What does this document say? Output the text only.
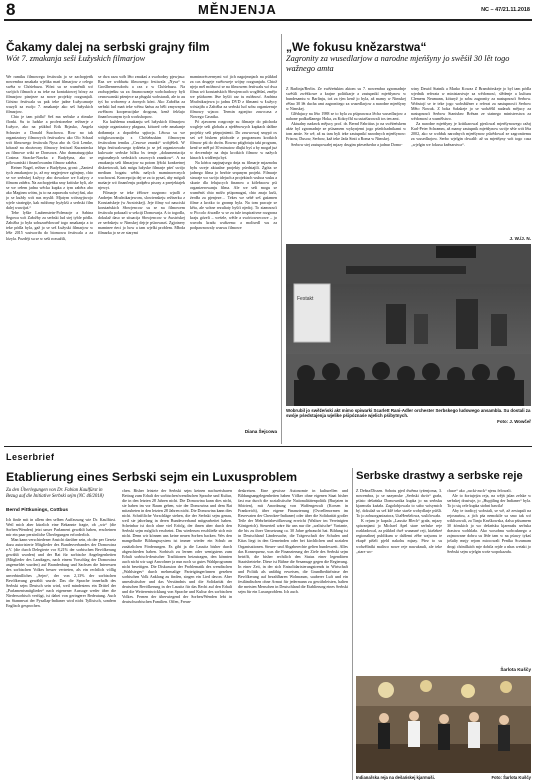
8	MĚNJENJA	NC – 47/21.11.2018
Čakamy dalej na serbski grajny film
Wót 7. zmakanja seši Łužyskich filmarjow

We rumiku filmowego festiwala jo se zachopjeńk nowembra zmakała wjelika mań filmarjow z celego swěta w Chóśebuzu. Wóni su se wuměnili wó swójich filmach a su teke na kontaktowej bórzy za filmarjow pisnjeze za nowe projekty rozgranjali. Góstno festiwala su pak teke jadne Łužycanarje wuzyli za swójo 7. zmakanje ako seš łužyskich filmarjow.

Chto je tam pódla? Seš ma serbske a ńimske člonki. Su to ludske a profesionelne režiserje z Łužyce, ako na pśikład Erik Brjasko, Angela Schuster a Donald Šuschowa. Row no tak organizatory filmowych festiwalow ako Olo Schaal wót filmowego festiwala Nysa abo dr. Grit Lemke, kótaraž na zbożowny filmowy festiwal Kurantecka za filmowe wiki ze Donsowa. Abo dramaturgojska Cosima Stracke-Nawka z Budyšyna, ako se pólowaniski i finančowaním filmow zaběra.

Reiner Nagel, režiser z Budyšyna, groni: „Zaniesł tych zmakanjow jo, až my negjerjewe zgónjmy, chto se we serbskej Łužycy abo dowokoe we Łužycy z filmom zaběra. Na zachopjeńku smy kritiske byli, ale se we cełem jadna wěcka kupka z tym zaběra abo ako Maginm wótm, ju to na zaprawdu wósej ňaś, ako jo se kuždy wót nas myslił. Mjatym wótsnyjtwojo wjele strategije, kak môžomy hyźykši a serbski film dalej wuwijaś.“

Tebe lyške Laubenstein-Polenzoje a Sabina Šegowa wót Załožby za serbski lud stej tyble pódla. Załožba jo była sobuzarědowarř togo zmakanja a to teke pódla byla, gaž jo se seš Łužyski filmarjow w léše 2015 wutworiła do biomowu festiwala a za lózyla. Pozdéji su se w seši rozsužili,

se dwa raza wób lěto zmakaś a swobodny pjewjasǝ: Raz we wobhuśu filmowego festiwala „Nysa“ w Groślhennersdorfu a raz z w Chóśebuzu. Na zachopjeńku su za financowanje wobchadowy byli cesnowanski pśenjece za pługski wobstarali, ale to au tyś bo wobcemy a źornych kónt. Ako Załožba za serbski lud mań teke wětsu šańsu za běli zmywnym zwělzom kooperacijske drogona, kenž fekšujo finančowanym tych workshopow.

Ku kuždemu zmakanju seš lužyskich filmarjow stajnje organizatory płaguna, kótarež cełe zmakanje dotłamnja a dopotřeba spjtorja. Lětosa su we wótglosowaniju z Chóśebuskim filmowym festiwalom temiku „Cesowe znanki“ wobjěšeli. W běgu festiwalowego tydźeńa jo se ješ organizowało kulowate serbske hilku bs temje „dokumentacija regionałnych serbskich casowych znankow“. A na zmakanju seši filmarjow su potom lýšcki konkretnej diskretowali, kak mógu lužyske filmarje pśeť swójo medium bogatu wědu našych maminorecnych wuchowaś. Koncepcija dej se za to pysaś, aby mógali maśarje wó finančenju podpěru pisosy a prrejektajek njewyt.

Filmarje se teke źělowe rozgrono wjadli z Andrejm Mračnikarjewom, slowienskeju režiserku z Korutańskeje (w Awstriskej). Jeje filmy wó nauciski korutańskich Słowjencow su se na filmowem festiwalu pokazali w sekciji Domownja. A to togodla, dokulaž daso se situacija Słowjencow w Awstriskej ze serbskeju w Nimskej dejrje pśirownaś. Zgjotnery maminee ńeci jo how a tam wjelki problem. Młoda filmarka jo se ze starymi

maminoréczernymi wó jich nagojmnjach na pśikład za cas drugeje swětoweje wójny rozgranjała. Chtož njejo mél móžnosć se na filmowem festiwalu wó dwa filma wó korutańskich Słowjencach woglědaś, změjo we pśiducem lěse hyšći raz tu móžnosć. Andrina Mračnikarjewa jo jadnu DVD z filmami w Łužycy wóstajiła a Załožba za serbski lud sobu organizeruje filmowy wjacor. Termin zgonjiso zawccasa z Nowego Casnika.

Pó zjawnem rozgronje su filmarje do pśichoda wogleje seši globalu a nježěnowych kapkach dalšne projekty seši pśepojnienti. Do zawwowaj smypó os seś wě biskem pśichode z programom krotkich filmow pśi do dwón. Rowno pśigłotuju taki program, kenž se měł pó 30 minutow dlujki byś a by mogał już w decembrje na dnju krotkich filmow w nažych kinach k widženju byś.

Na kóńcu napjnajsego dnja su filmarje mjaznohu byłu sweje aktualne projekty pśedstajili. Zgóta se jadnego filma jo bezbie sequnym projekt. Filmarje stawaje wo swójo idejach a projektach wuhoa wuku a skurie dla felujucych finanow a kólebacow pśi organizerowanju filma. Ale we seši mogu se wuměniś chto móžo pśipomagaś, chto znajo kuši, źerdła za pjenjeze… Tekes we sebě seš gaśamen filme a krotko to gronnp byla. Na tom pracuje se kěta, ale wótne rezultaty hyšći njedoj. To ziamnosći w Piccolo źiwadle w se za tule inspirativne rozgrona kraju gózeli – weśele, wětle a swórtowsecowe – jo wuvołu kradu wuřizenu: a molisedl wu za podpawnowaly wuswu filmowe

Diana Šejcowa
„We fokusu knězarstwa“
Zagronity za wusedlarjow a narodne mjeńšyny jo swěśił 30 lět togo wažnego amta

Z Barlinja/Berlin. Ze swěźeńskim aktom su 7. nowembra zgromadnje swěśili zwěźkowe a krajne politikarje a zastupnikí mjeńšynow w bundesamtu w Barlinju, toś za tým kenž jo byla, až mamy w Nimskej rěšno 30 lět ducha amt zagronitego za wusedlarjow a narodne mjeńšyny w Nimskej.

Glědajucy na lěto 1988 se to byla za pśiprawaca lěcba wusedlarjow a nahone podkušlanego Hoka, za Kokryčhl su ustatšarowali tos ten amt.

Aktualny nadawk mějucy prof. dr. Bernd Fabritius jo na swěźeńskem akśe byl zgromadnje ze pśisamem wykynjemi jogo pśedchadnikami w tom amśe. Se wě, až su tam byli teke zastupnikí narodnych mjeńšynow: Frizow, Dusow, Serbow, kaž teke Jada Sinti a Roma w Nimskej.

Serbow stej zastupowałej mjazy drugim pśesedsedar a jadnar Domo-

winy Dawid Statnik a Marko Kowaz Z Brambórskeje jo byl tam pódla wjednik referata w ministarstwje za wědomosć, slědenje a kulturu Clemens Neumann, kótaryž jo sobu zagronity za nastupnosći Serbow. Wobstojí se te teke jogo wobsłúžner z referat za nastupnosći Serbow Měto Nowak. Z boka Sakskeje jo se wobźělil nadawk mějucy za nastupnosći Serbow Stanisław Brězan ze statnego ministerstwa za wědomosć a wumělstwo.

Za narodne mjeńšyny je kritikarowal pjeslowal mjeńšynowego ražaj Karl-Peter Schramm, až mamy zastupnik mjeńšynow swóje sěśe wót lěta 2002, ako se wobłuk narodnych mjeńšynow pśirědowal ze zagronitemu za wusedlarjow. Serbo wjelgin chwalił: až su mjeńšyny wót togo casa „wjelgin we fokusu knězarstwa“.

J. W./J. N.
Festakt
Wobrubil jo swěźeński akt mimo spiwarki Scarlett Rani-Adler orchester Serbskego ludowego ansambla. Su dostali za swóje pśedstajenja wjelike pśipóznaśe wjelich pśibytnych.
Foto: J. Wowčeř
Leserbrief
Etablierung eines Serbski sejm ein Luxusproblem
Zu den Überlegungen von Dr. Fabian Kaulfürst in Bezug auf die Initiative Serbski sejm (NC 46/2018)
Bernd Pittkunings, Cottbus

Ich finde mit in allem den selben Auffassung wie Dr. Kaulfürst. Weil mich aber kürzlich eine Bekannte fragte, ob „wir“ (die Sorben/Wenden) jetzt unser Parlament gewählt haben, erscheinen mir ein paar persönliche Überlegungen erforderlich.

Man kann verschiedener Ansicht darüber sein, ob der per Gesetz dazu autorisierte Mitglieder des Bundesverbandes der Domowina e.V. (die durch Delegierte vor 8,21% der sorbischen Bevölkerung gewählt wurden) und der Rat für sorbische Angelegenheiten (Mitglieder des Landtages, nach einem Vorschlag der Domowina angemeldet wurden) auf Brandenburg und Sachsen die Interessen des sorbischen Volkes besser vertreten, als ein rechtlich völlig unverbindliches „Sejm“, der von 2,13% der sorbischen Bevölkerung gewählt wurde. Das die Sprache innerhalb des Serbski sejm Deutsch sein wird, weil mindestens ein Drittel der „Parlamentsmitglieder“ nach eigenener Aussage weder über die Niedersorbisch verfügt, ist dabei von geringerer Bedeutung. Auch im Stammvat der Pysallap-Indianer wird nicht Tyllisisch, sondern Englisch gesprochen.

chen. Bisher leistete der Serbski sejm keinen nachweisbaren Beitrag zum Erhalt der sorbischen/wendischen Sprache und Kultur, die in den letzten 28 Jahren nicht. Die Domowina kann dies nicht, sie haben im vor Raum geben, wie der Domowina und dem Rat mitzubeten in den letzten 28 Jahren nicht. Die Domowina kann dies nicht. Schriftliche Vorschläge stehen, die der Serbski sejm genau, weil sie jahrelang in deren Bundesverband mitgearbeitet haben. Scheinbar ist doch ohne viel Erfolg, der ihnen aber durch den Serbski sejm möglich erscheint. Das wiederum erschließe sich mir nicht. Denn wir können uns keine neuen Sorben backen. Wes den mangelhafte Bildungssystem ist immer wieder ein Schub an zusätzlichen Förderungen. Es gibt ja die Lausitz bisher durch abgeschieden haben. Sorbisch zu lernen oder wenigstens zum Erhalt sorbisch-deutscher Traditionen beizutragen, den könnten auch nicht wir sagt Anwohner ja nun noch so gutes Wahlprogramm nicht beseitigen. Die Diskussion der Problematik des wendischen „Wahlsieges“ durch mehrmalige Parteigänger/innen gesehen sorbischen Volk Anklang zu finden, singen ein Lied davon. Aber unrealistischer und das Verständnis und die Solidarität der deutschen Bevölkerung in der Lausitz für das Recht auf den Erhalt und die Weiterentwicklung von Sprache und Kultur des sorbischen Volkes. Fernen der überwiegend der Sorben/Wenden lebt in deutschsorbischen Familien. Offen, Freun-

deskreisen. Eine gewisse Autonomie in kulturellen und Bildungsangelegenheiten haben Völker ohne eigenen Staat bisher fast nur durch die sozialistische Nationalitätenpolitik (Burjaten in Sibirien), mit Anordnung von Waffengewalt (Korsen in Frankreich), über eigene Finanzierung (Ovoellenormen im Reservaten der Cherokee-Indianer) oder über die Solidarität großer Teile der Mehrheitsbevölkerung erreicht (Waliser im Vereinigten Königreich). Steuerteil wäre für uns nur die „walisische“ Variante, die bis zu ihrer Umsetzung ca. 30 Jahre gebraucht hat. Bildung ist in Deutschland Ländersache, die Trägerschaft der Schulen und Kitas liegt in den Gemeinden oder bei kirchlichen und sozialen Organisationen. Steuer- und Abgaberechte gelten bundesweit. Alles das Konsequenz, was die Finanzierung der Ziele des Serbski sejm betrifft, die bisher rechtlich den Status einer legendären Staatsbetriebe. Diese ist Bühne die Sesamuge gegen die Regierung. In einer Zeit, in der sich Entsolidarisierungstrends in Wirtschaft und Politik als unfähig erweisen, die Grundbedürfnisse der Bevölkerung auf bezahlbaren Wohnraum, sauberer Luft und ein festländischen ohne Armut für jedermann zu gewährleisten, halten die meisten Menschen in Deutschland die Etablierung eines Serbski sejm für ein Luxusproblem. Ich auch.

Serbske drastwy a serbske reje

Z Dešna/Dissen. Sobotu pjed dwěma tyźenjoma, 3. nowembra, jo se nazymske „Serbski dwór“ grała, pśisto dešańska Domownika kupka jo na serbsku kjarmušu kaźała. Zagolobjowala to sabo wósymich bý, dokulaž su seš kšě teke starše wobydlarje pśišli. To jo zobuorganizatora, UtaHenšelowa, wuličowała.

K rejam je kapala „Lausitz Blech“ grała, mjazy spiwanjami jo Michael Apel stare serbske reje rozkładowal, za pśikład dwě wunasné reji, kiašekeé regionalinej publikum w dalšemi zěbe wajsonu te ekupě pišeli pjeld nakohu mjazy. Pśez to su wobzěliníki maliwo nowe reje nawuknuli, ale teke „stare wo-

chace“ ako „rucki-zuck“ njesu felowali.

Ale to žortujejża reja, na wějń jzlan zelske w serbskej drastwje, jo „Hupjtling der Indianer“ byla. To jo się cele kupka stobni bawila!

Aby te tradicyj wobstali, se wě, až zestupali na rejosnańcu, a jich pśa nemokile sa smo tak wó wiklisowali, za Tanja Kruškowska, dalsa pśisamem 30 źónskich jo wo dešańsku kjarmušu serbska drastwu wobhlała. Ako wosobnu wobcuknego a zajmowane dobru su lěde tam w na pśawy tykaś jošuliy mnjy rejom miocowali Peníka Sczumam drogi chónilkách mje dobila rejde a nhas wetaki jo Serbski sejm wjelgin wośe wopokazała.

Šarlota Kuščy
Indianařska reja na dešańskej kjarmuši.	Foto: Šarlota Kuščy
